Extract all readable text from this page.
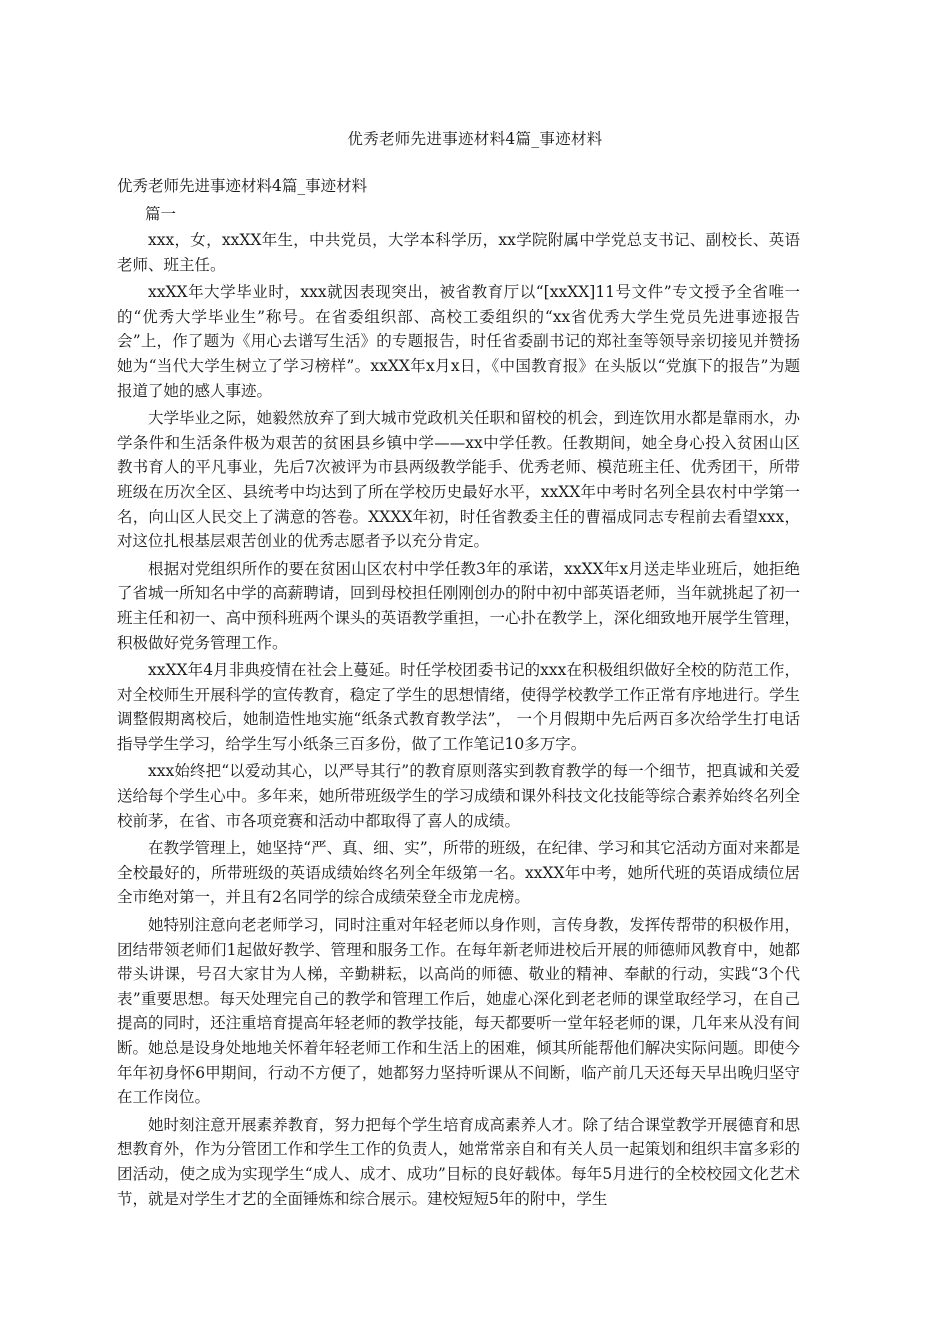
优秀老师先进事迹材料4篇_事迹材料
优秀老师先进事迹材料4篇_事迹材料
篇一

xxx，女，xxXX年生，中共党员，大学本科学历，xx学院附属中学党总支书记、副校长、英语老师、班主任。

xxXX年大学毕业时，xxx就因表现突出，被省教育厅以“[xxXX]11号文件”专文授予全省唯一的“优秀大学毕业生”称号。在省委组织部、高校工委组织的“xx省优秀大学生党员先进事迹报告会”上，作了题为《用心去谱写生活》的专题报告，时任省委副书记的郑社奎等领导亲切接见并赞扬她为“当代大学生树立了学习榜样”。xxXX年x月x日，《中国教育报》在头版以“党旗下的报告”为题报道了她的感人事迹。

大学毕业之际，她毅然放弃了到大城市党政机关任职和留校的机会，到连饮用水都是靠雨水，办学条件和生活条件极为艰苦的贫困县乡镇中学——xx中学任教。任教期间，她全身心投入贫困山区教书育人的平凡事业，先后7次被评为市县两级教学能手、优秀老师、模范班主任、优秀团干，所带班级在历次全区、县统考中均达到了所在学校历史最好水平，xxXX年中考时名列全县农村中学第一名，向山区人民交上了满意的答卷。XXXX年初，时任省教委主任的曹福成同志专程前去看望xxx，对这位扎根基层艰苦创业的优秀志愿者予以充分肯定。

根据对党组织所作的要在贫困山区农村中学任教3年的承诺，xxXX年x月送走毕业班后，她拒绝了省城一所知名中学的高薪聘请，回到母校担任刚刚创办的附中初中部英语老师，当年就挑起了初一班主任和初一、高中预科班两个课头的英语教学重担，一心扑在教学上，深化细致地开展学生管理，积极做好党务管理工作。

xxXX年4月非典疫情在社会上蔓延。时任学校团委书记的xxx在积极组织做好全校的防范工作，对全校师生开展科学的宣传教育，稳定了学生的思想情绪，使得学校教学工作正常有序地进行。学生调整假期离校后，她制造性地实施“纸条式教育教学法”， 一个月假期中先后两百多次给学生打电话指导学生学习，给学生写小纸条三百多份，做了工作笔记10多万字。

xxx始终把“以爱动其心，以严导其行”的教育原则落实到教育教学的每一个细节，把真诚和关爱送给每个学生心中。多年来，她所带班级学生的学习成绩和课外科技文化技能等综合素养始终名列全校前茅，在省、市各项竞赛和活动中都取得了喜人的成绩。

在教学管理上，她坚持“严、真、细、实”，所带的班级，在纪律、学习和其它活动方面对来都是全校最好的，所带班级的英语成绩始终名列全年级第一名。xxXX年中考，她所代班的英语成绩位居全市绝对第一，并且有2名同学的综合成绩荣登全市龙虎榜。

她特别注意向老老师学习，同时注重对年轻老师以身作则，言传身教，发挥传帮带的积极作用，团结带领老师们1起做好教学、管理和服务工作。在每年新老师进校后开展的师德师风教育中，她都带头讲课，号召大家甘为人梯，辛勤耕耘，以高尚的师德、敬业的精神、奉献的行动，实践“3个代表”重要思想。每天处理完自己的教学和管理工作后，她虚心深化到老老师的课堂取经学习，在自己提高的同时，还注重培育提高年轻老师的教学技能，每天都要听一堂年轻老师的课，几年来从没有间断。她总是设身处地地关怀着年轻老师工作和生活上的困难，倾其所能帮他们解决实际问题。即使今年年初身怀6甲期间，行动不方便了，她都努力坚持听课从不间断，临产前几天还每天早出晚归坚守在工作岗位。

她时刻注意开展素养教育，努力把每个学生培育成高素养人才。除了结合课堂教学开展德育和思想教育外，作为分管团工作和学生工作的负责人，她常常亲自和有关人员一起策划和组织丰富多彩的团活动，使之成为实现学生“成人、成才、成功”目标的良好载体。每年5月进行的全校校园文化艺术节，就是对学生才艺的全面锤炼和综合展示。建校短短5年的附中，学生
